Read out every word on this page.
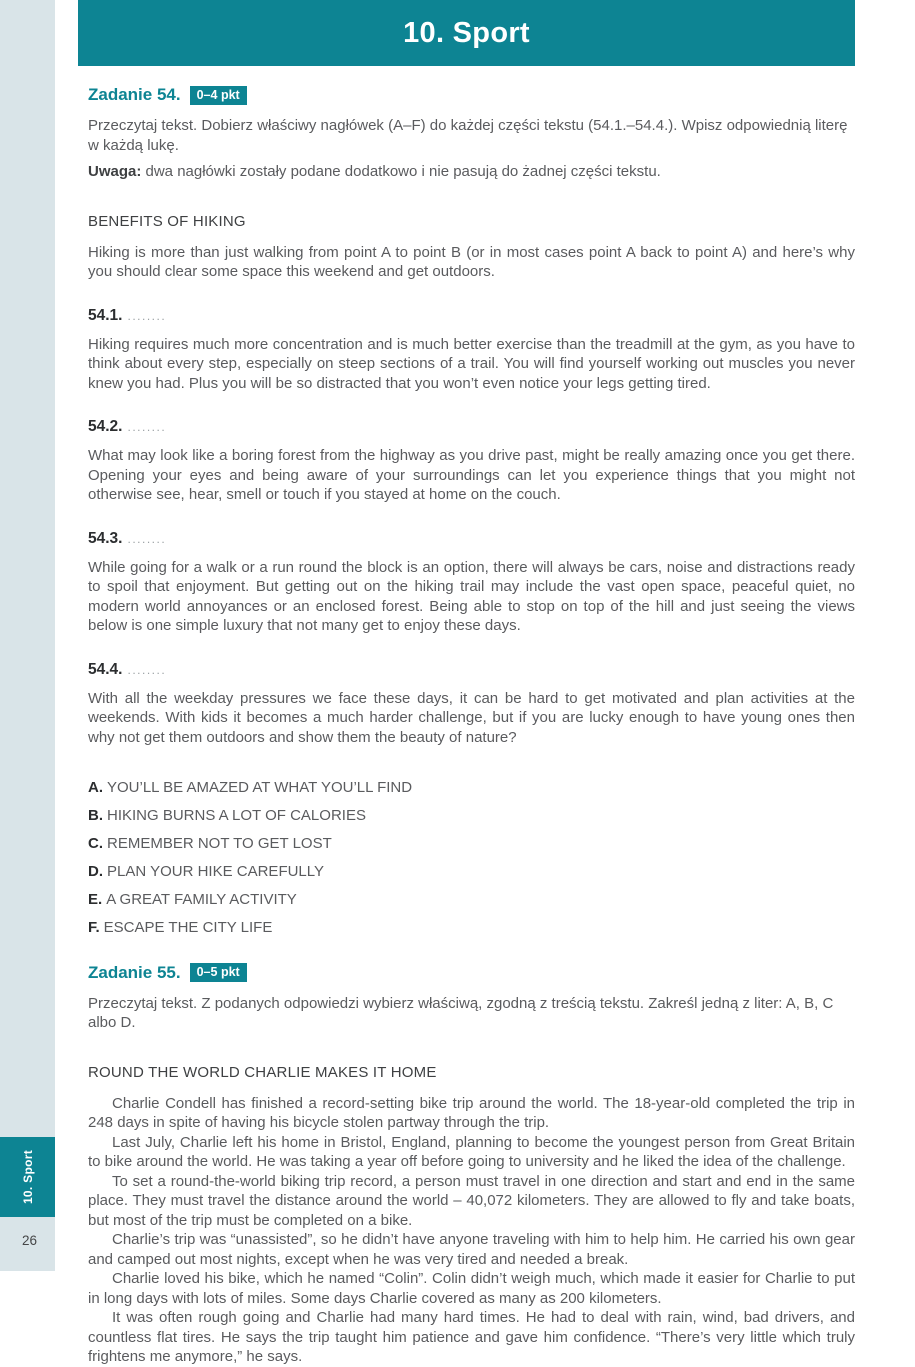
10. Sport
26
10. Sport
Zadanie 54.	0–4 pkt

Przeczytaj tekst. Dobierz właściwy nagłówek (A–F) do każdej części tekstu (54.1.–54.4.). Wpisz odpowiednią literę w każdą lukę.

Uwaga: dwa nagłówki zostały podane dodatkowo i nie pasują do żadnej części tekstu.

BENEFITS OF HIKING

Hiking is more than just walking from point A to point B (or in most cases point A back to point A) and here’s why you should clear some space this weekend and get outdoors.

54.1. ........

Hiking requires much more concentration and is much better exercise than the treadmill at the gym, as you have to think about every step, especially on steep sections of a trail. You will find yourself working out muscles you never knew you had. Plus you will be so distracted that you won’t even notice your legs getting tired.

54.2. ........

What may look like a boring forest from the highway as you drive past, might be really amazing once you get there. Opening your eyes and being aware of your surroundings can let you experience things that you might not otherwise see, hear, smell or touch if you stayed at home on the couch.

54.3. ........

While going for a walk or a run round the block is an option, there will always be cars, noise and distractions ready to spoil that enjoyment. But getting out on the hiking trail may include the vast open space, peaceful quiet, no modern world annoyances or an enclosed forest. Being able to stop on top of the hill and just seeing the views below is one simple luxury that not many get to enjoy these days.

54.4. ........

With all the weekday pressures we face these days, it can be hard to get motivated and plan activities at the weekends. With kids it becomes a much harder challenge, but if you are lucky enough to have young ones then why not get them outdoors and show them the beauty of nature?

A. YOU’LL BE AMAZED AT WHAT YOU’LL FIND
B. HIKING BURNS A LOT OF CALORIES
C. REMEMBER NOT TO GET LOST
D. PLAN YOUR HIKE CAREFULLY
E. A GREAT FAMILY ACTIVITY
F. ESCAPE THE CITY LIFE
Zadanie 55.	0–5 pkt

Przeczytaj tekst. Z podanych odpowiedzi wybierz właściwą, zgodną z treścią tekstu. Zakreśl jedną z liter: A, B, C albo D.

ROUND THE WORLD CHARLIE MAKES IT HOME

Charlie Condell has finished a record-setting bike trip around the world. The 18-year-old completed the trip in 248 days in spite of having his bicycle stolen partway through the trip.

Last July, Charlie left his home in Bristol, England, planning to become the youngest person from Great Britain to bike around the world. He was taking a year off before going to university and he liked the idea of the challenge.

To set a round-the-world biking trip record, a person must travel in one direction and start and end in the same place. They must travel the distance around the world – 40,072 kilometers. They are allowed to fly and take boats, but most of the trip must be completed on a bike.

Charlie’s trip was “unassisted”, so he didn’t have anyone traveling with him to help him. He carried his own gear and camped out most nights, except when he was very tired and needed a break.

Charlie loved his bike, which he named “Colin”. Colin didn’t weigh much, which made it easier for Charlie to put in long days with lots of miles. Some days Charlie covered as many as 200 kilometers.

It was often rough going and Charlie had many hard times. He had to deal with rain, wind, bad drivers, and countless flat tires. He says the trip taught him patience and gave him confidence. “There’s very little which truly frightens me anymore,” he says.
